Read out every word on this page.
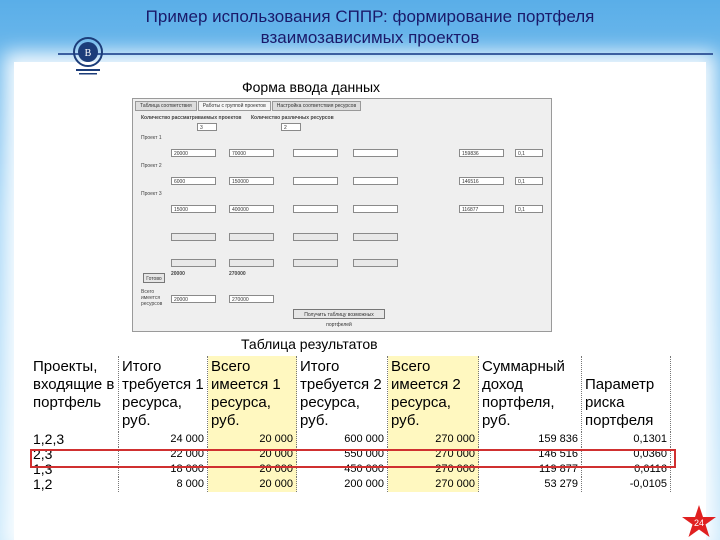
Пример использования СППР: формирование портфеля
взаимозависимых проектов
В
Форма ввода данных
Таблица соответствия	Работы с группой проектов	Настройка соответствия ресурсов
Количество рассматриваемых проектов Количество различных ресурсов
3	2
Проект 1
20000	70000	159836	0,1
Проект 2
6000	150000	146516	0,1
Проект 3
15000	400000	116877	0,1
Готово
20000	270000
Всего имеется ресурсов
20000	270000
Получить таблицу возможных портфелей
Таблица результатов
Проекты, входящие в портфель	Итого требуется 1 ресурса, руб.	Всего имеется 1 ресурса, руб.	Итого требуется 2 ресурса, руб.	Всего имеется 2 ресурса, руб.	Суммарный доход портфеля, руб.	Параметр риска портфеля
1,2,3	24 000	20 000	600 000	270 000	159 836	0,1301
2,3	22 000	20 000	550 000	270 000	146 516	0,0360
1,3	18 000	20 000	450 000	270 000	119 877	0,0116
1,2	8 000	20 000	200 000	270 000	53 279	-0,0105
24
